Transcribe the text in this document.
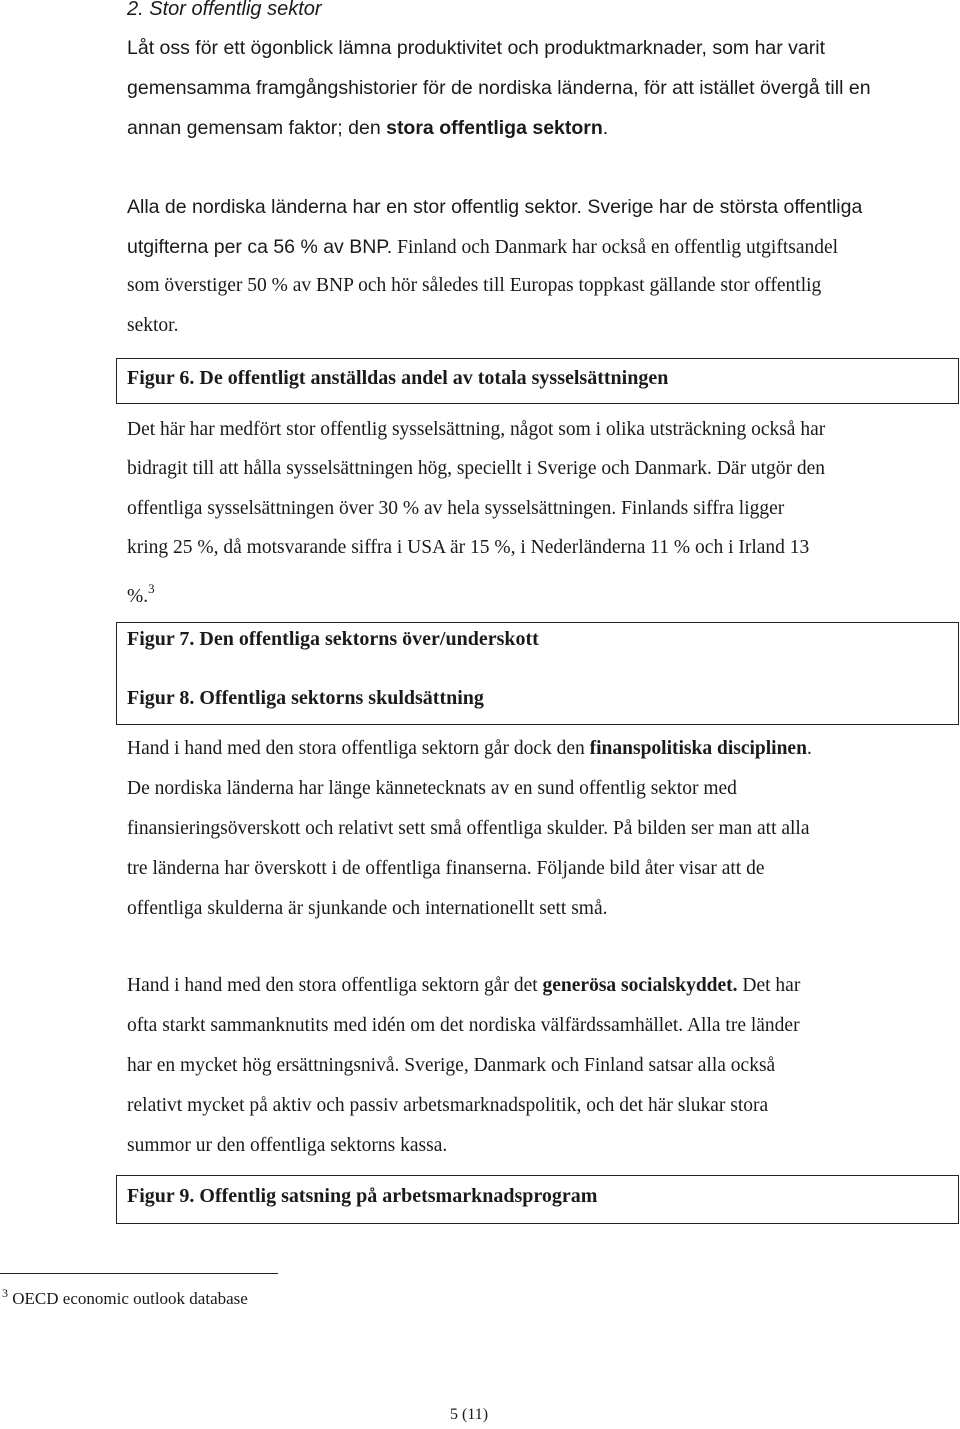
2. Stor offentlig sektor
Låt oss för ett ögonblick lämna produktivitet och produktmarknader, som har varit
gemensamma framgångshistorier för de nordiska länderna, för att istället övergå till en
annan gemensam faktor; den stora offentliga sektorn.
Alla de nordiska länderna har en stor offentlig sektor. Sverige har de största offentliga
utgifterna per ca 56 % av BNP. Finland och Danmark har också en offentlig utgiftsandel
som överstiger 50 % av BNP och hör således till Europas toppkast gällande stor offentlig
sektor.
Figur 6. De offentligt anställdas andel av totala sysselsättningen
Det här har medfört stor offentlig sysselsättning, något som i olika utsträckning också har
bidragit till att hålla sysselsättningen hög, speciellt i Sverige och Danmark. Där utgör den
offentliga sysselsättningen över 30 % av hela sysselsättningen. Finlands siffra ligger
kring 25 %, då motsvarande siffra i USA är 15 %, i Nederländerna 11 % och i Irland 13
%.$^3$
Figur 7. Den offentliga sektorns över/underskott
Figur 8. Offentliga sektorns skuldsättning
Hand i hand med den stora offentliga sektorn går dock den finanspolitiska disciplinen.
De nordiska länderna har länge kännetecknats av en sund offentlig sektor med
finansieringsöverskott och relativt sett små offentliga skulder. På bilden ser man att alla
tre länderna har överskott i de offentliga finanserna. Följande bild åter visar att de
offentliga skulderna är sjunkande och internationellt sett små.
Hand i hand med den stora offentliga sektorn går det generösa socialskyddet. Det har
ofta starkt sammanknutits med idén om det nordiska välfärdssamhället. Alla tre länder
har en mycket hög ersättningsnivå. Sverige, Danmark och Finland satsar alla också
relativt mycket på aktiv och passiv arbetsmarknadspolitik, och det här slukar stora
summor ur den offentliga sektorns kassa.
Figur 9. Offentlig satsning på arbetsmarknadsprogram
$^3$ OECD economic outlook database
5 (11)
